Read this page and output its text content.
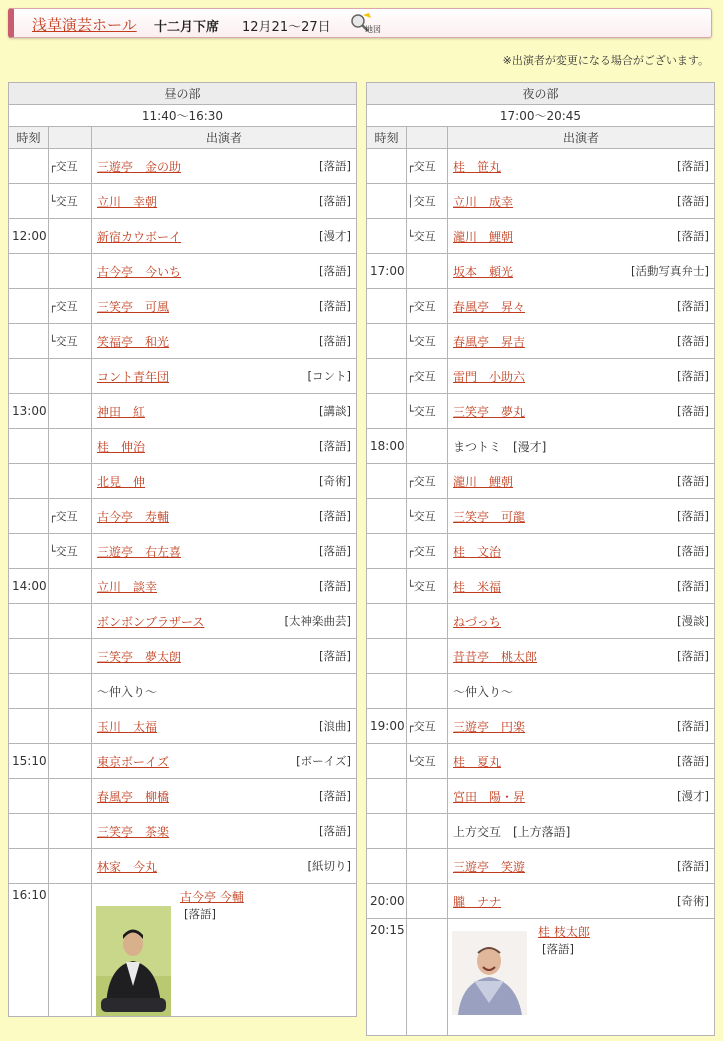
浅草演芸ホール 十二月下席 12月21～27日	地図
※出演者が変更になる場合がございます。
昼の部		
11:40～16:30		
時刻		出演者
	┌交互	三遊亭　金の助 [落語]

	└交互	立川　幸朝 [落語]

12:00		新宿カウボーイ [漫才]

		古今亭　今いち [落語]

	┌交互	三笑亭　可風 [落語]

	└交互	笑福亭　和光 [落語]

		コント青年団 [コント]

13:00		神田　紅 [講談]

		桂　伸治 [落語]

		北見　伸 [奇術]

	┌交互	古今亭　寿輔 [落語]

	└交互	三遊亭　右左喜 [落語]

14:00		立川　談幸 [落語]

		ボンボンブラザース [太神楽曲芸]

		三笑亭　夢太朗 [落語]

		～仲入り～

		玉川　太福 [浪曲]

15:10		東京ボーイズ [ボーイズ]

		春風亭　柳橋 [落語]

		三笑亭　茶楽 [落語]

		林家　今丸 [紙切り]

16:10		古今亭 今輔
[落語]
夜の部		
17:00～20:45		
時刻		出演者
	┌交互	桂　笹丸 [落語]

	│交互	立川　成幸 [落語]

	└交互	瀧川　鯉朝 [落語]

17:00		坂本　頼光 [活動写真弁士]

	┌交互	春風亭　昇々 [落語]

	└交互	春風亭　昇吉 [落語]

	┌交互	雷門　小助六 [落語]

	└交互	三笑亭　夢丸 [落語]

18:00		まつトミ　[漫才]
	┌交互	瀧川　鯉朝 [落語]

	└交互	三笑亭　可龍 [落語]

	┌交互	桂　文治 [落語]

	└交互	桂　米福 [落語]

		ねづっち [漫談]

		昔昔亭　桃太郎 [落語]

		～仲入り～
19:00	┌交互	三遊亭　円楽 [落語]

	└交互	桂　夏丸 [落語]

		宮田　陽・昇 [漫才]

		上方交互　[上方落語]

		三遊亭　笑遊 [落語]

20:00		朧　ナナ [奇術]

20:15		桂 枝太郎
[落語]
